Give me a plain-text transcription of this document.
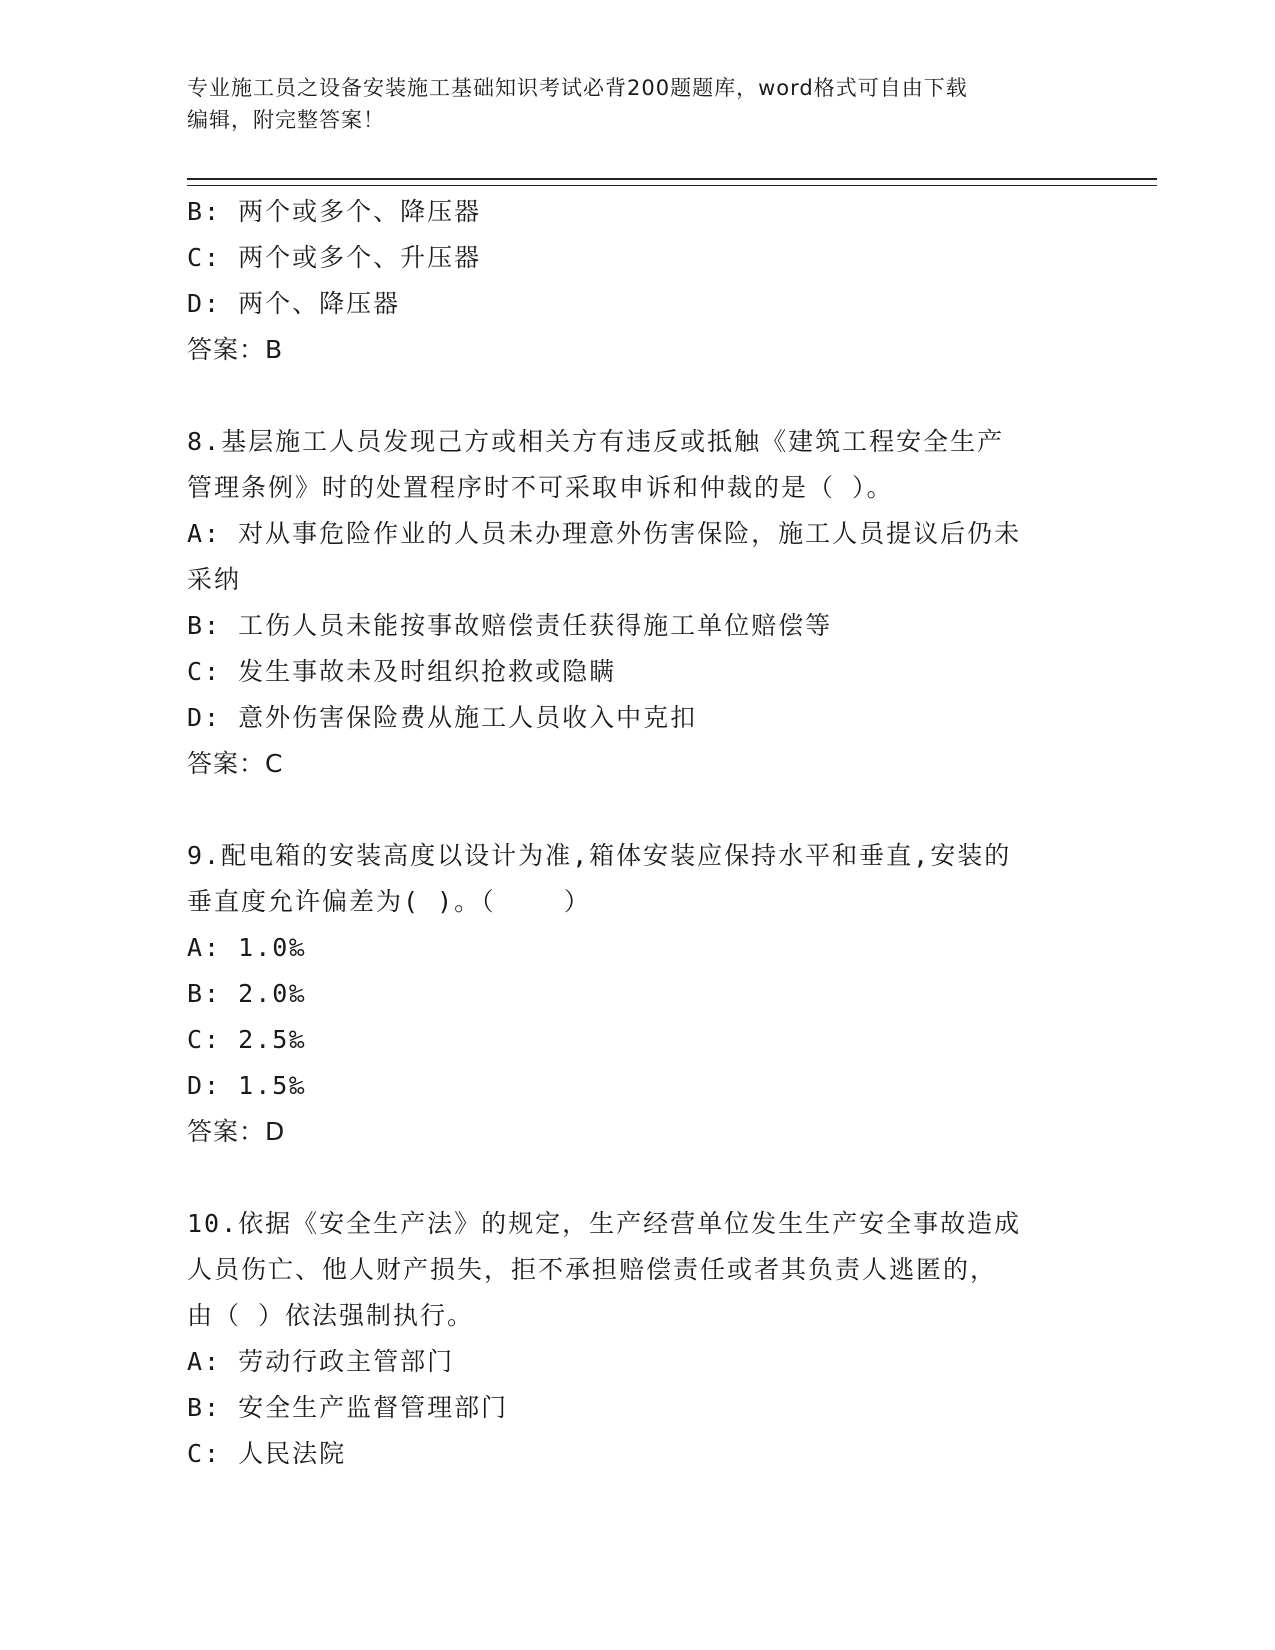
专业施工员之设备安装施工基础知识考试必背200题题库，word格式可自由下载
编辑，附完整答案！

B: 两个或多个、降压器

C: 两个或多个、升压器

D: 两个、降压器

答案：B

8.基层施工人员发现己方或相关方有违反或抵触《建筑工程安全生产

管理条例》时的处置程序时不可采取申诉和仲裁的是（ ）。

A: 对从事危险作业的人员未办理意外伤害保险，施工人员提议后仍未

采纳

B: 工伤人员未能按事故赔偿责任获得施工单位赔偿等

C: 发生事故未及时组织抢救或隐瞒

D: 意外伤害保险费从施工人员收入中克扣

答案：C

9.配电箱的安装高度以设计为准,箱体安装应保持水平和垂直,安装的

垂直度允许偏差为( )。（    ）

A: 1.0‰

B: 2.0‰

C: 2.5‰

D: 1.5‰

答案：D

10.依据《安全生产法》的规定，生产经营单位发生生产安全事故造成

人员伤亡、他人财产损失，拒不承担赔偿责任或者其负责人逃匿的，

由（ ）依法强制执行。

A: 劳动行政主管部门

B: 安全生产监督管理部门

C: 人民法院
